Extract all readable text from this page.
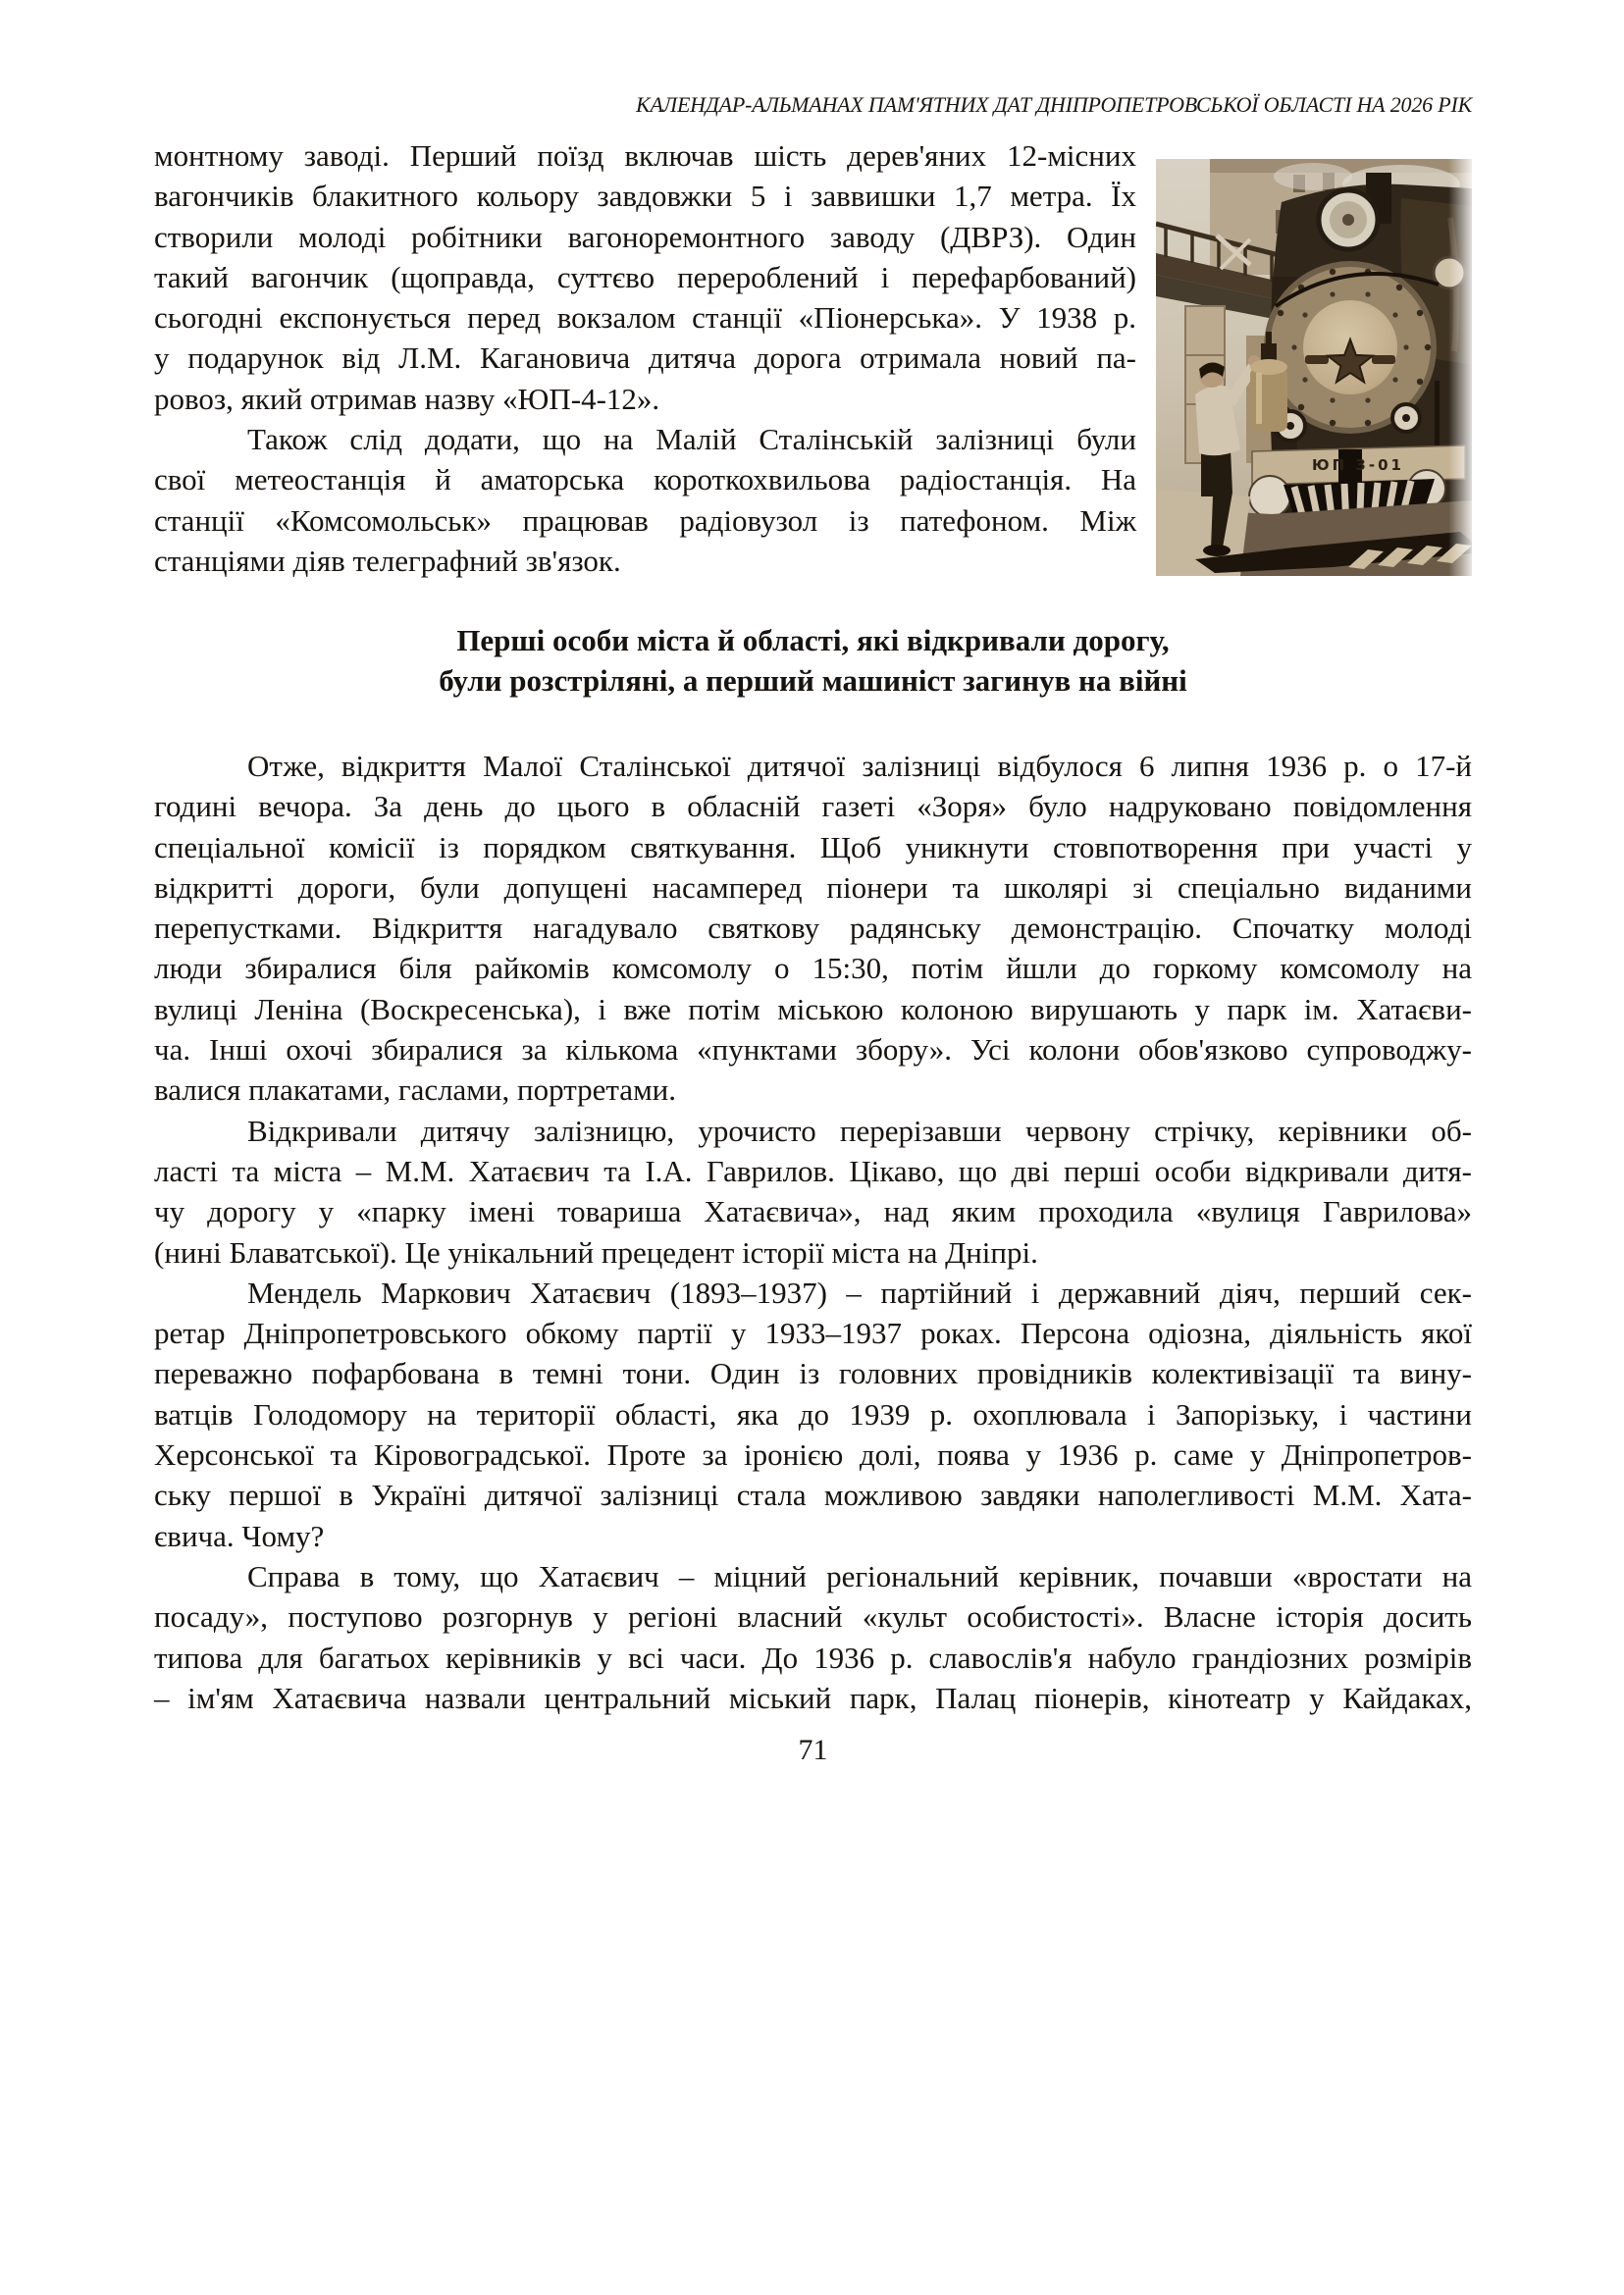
КАЛЕНДАР-АЛЬМАНАХ ПАМ'ЯТНИХ ДАТ ДНІПРОПЕТРОВСЬКОЇ ОБЛАСТІ НА 2026 РІК
монтному заводі. Перший поїзд включав шість дерев'яних 12-місних
вагончиків блакитного кольору завдовжки 5 і заввишки 1,7 метра. Їх
створили молоді робітники вагоноремонтного заводу (ДВРЗ). Один
такий вагончик (щоправда, суттєво перероблений і перефарбований)
сьогодні експонується перед вокзалом станції «Піонерська». У 1938 р.
у подарунок від Л.М. Кагановича дитяча дорога отримала новий па-
ровоз, який отримав назву «ЮП-4-12».
Також слід додати, що на Малій Сталінській залізниці були
свої метеостанція й аматорська короткохвильова радіостанція. На
станції «Комсомольськ» працював радіовузол із патефоном. Між
станціями діяв телеграфний зв'язок.
ЮП 3-01
Перші особи міста й області, які відкривали дорогу,
були розстріляні, а перший машиніст загинув на війні
Отже, відкриття Малої Сталінської дитячої залізниці відбулося 6 липня 1936 р. о 17-й
годині вечора. За день до цього в обласній газеті «Зоря» було надруковано повідомлення
спеціальної комісії із порядком святкування. Щоб уникнути стовпотворення при участі у
відкритті дороги, були допущені насамперед піонери та школярі зі спеціально виданими
перепустками. Відкриття нагадувало святкову радянську демонстрацію. Спочатку молоді
люди збиралися біля райкомів комсомолу о 15:30, потім йшли до горкому комсомолу на
вулиці Леніна (Воскресенська), і вже потім міською колоною вирушають у парк ім. Хатаєви-
ча. Інші охочі збиралися за кількома «пунктами збору». Усі колони обов'язково супроводжу-
валися плакатами, гаслами, портретами.
Відкривали дитячу залізницю, урочисто перерізавши червону стрічку, керівники об-
ласті та міста – М.М. Хатаєвич та І.А. Гаврилов. Цікаво, що дві перші особи відкривали дитя-
чу дорогу у «парку імені товариша Хатаєвича», над яким проходила «вулиця Гаврилова»
(нині Блаватської). Це унікальний прецедент історії міста на Дніпрі.
Мендель Маркович Хатаєвич (1893–1937) – партійний і державний діяч, перший сек-
ретар Дніпропетровського обкому партії у 1933–1937 роках. Персона одіозна, діяльність якої
переважно пофарбована в темні тони. Один із головних провідників колективізації та вину-
ватців Голодомору на території області, яка до 1939 р. охоплювала і Запорізьку, і частини
Херсонської та Кіровоградської. Проте за іронією долі, поява у 1936 р. саме у Дніпропетров-
ську першої в Україні дитячої залізниці стала можливою завдяки наполегливості М.М. Хата-
євича. Чому?
Справа в тому, що Хатаєвич – міцний регіональний керівник, почавши «вростати на
посаду», поступово розгорнув у регіоні власний «культ особистості». Власне історія досить
типова для багатьох керівників у всі часи. До 1936 р. славослів'я набуло грандіозних розмірів
– ім'ям Хатаєвича назвали центральний міський парк, Палац піонерів, кінотеатр у Кайдаках,
71
